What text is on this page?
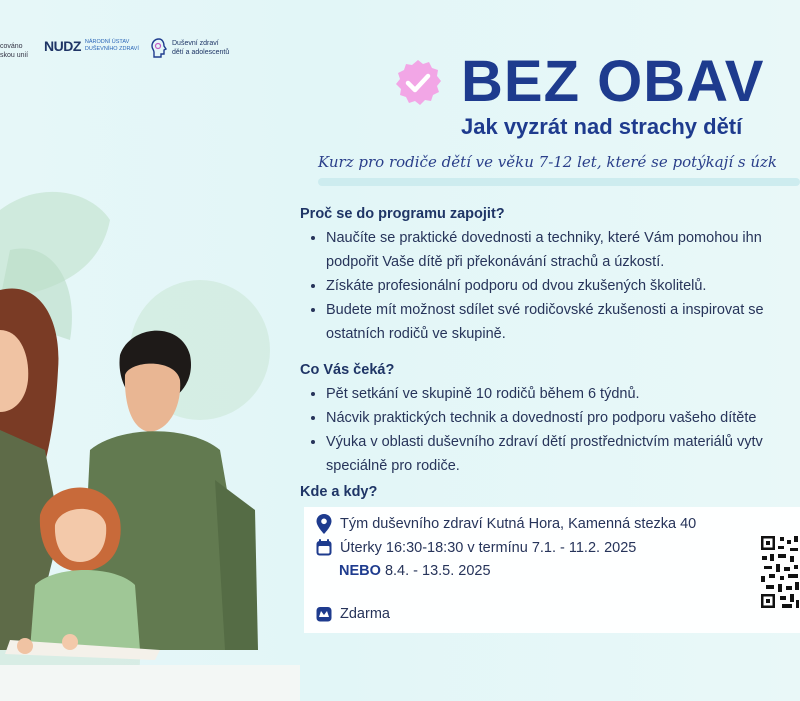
cováno
skou unií
NUDZ NÁRODNÍ ÚSTAV
DUŠEVNÍHO ZDRAVÍ
Duševní zdraví
dětí a adolescentů	BEZ OBAV
Jak vyzrát nad strachy dětí
Kurz pro rodiče dětí ve věku 7-12 let, které se potýkají s úzk
Proč se do programu zapojit?
• Naučíte se praktické dovednosti a techniky, které Vám pomohou ihn
podpořit Vaše dítě při překonávání strachů a úzkostí.
• Získáte profesionální podporu od dvou zkušených školitelů.
• Budete mít možnost sdílet své rodičovské zkušenosti a inspirovat se
ostatních rodičů ve skupině.
Co Vás čeká?
• Pět setkání ve skupině 10 rodičů během 6 týdnů.
• Nácvik praktických technik a dovedností pro podporu vašeho dítěte
• Výuka v oblasti duševního zdraví dětí prostřednictvím materiálů vytv
speciálně pro rodiče.
Kde a kdy?
Tým duševního zdraví Kutná Hora, Kamenná stezka 40
Úterky 16:30-18:30 v termínu 7.1. - 11.2. 2025
NEBO 8.4. - 13.5. 2025
Zdarma
